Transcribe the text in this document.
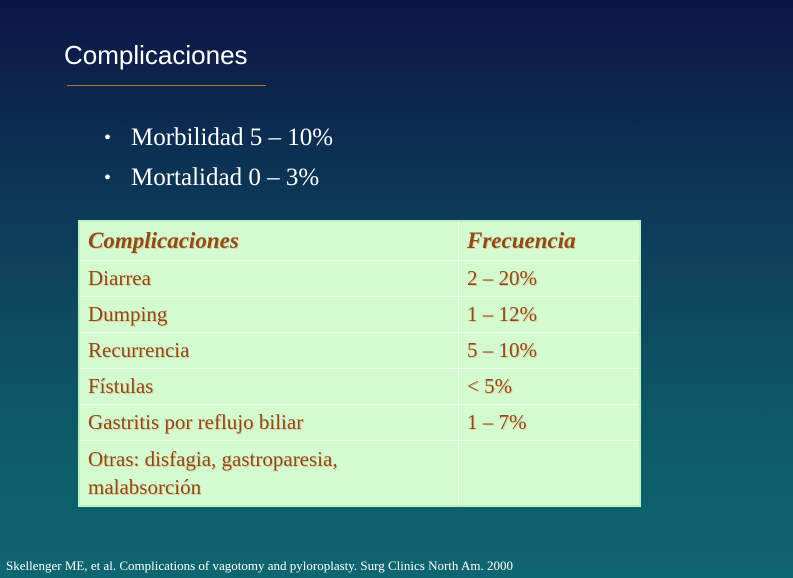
Complicaciones
• Morbilidad 5 – 10%
• Mortalidad 0 – 3%
Complicaciones	Frecuencia
Diarrea	2 – 20%
Dumping	1 – 12%
Recurrencia	5 – 10%
Fístulas	< 5%
Gastritis por reflujo biliar	1 – 7%
Otras: disfagia, gastroparesia, malabsorción	
Skellenger ME, et al. Complications of vagotomy and pyloroplasty. Surg Clinics North Am. 2000
